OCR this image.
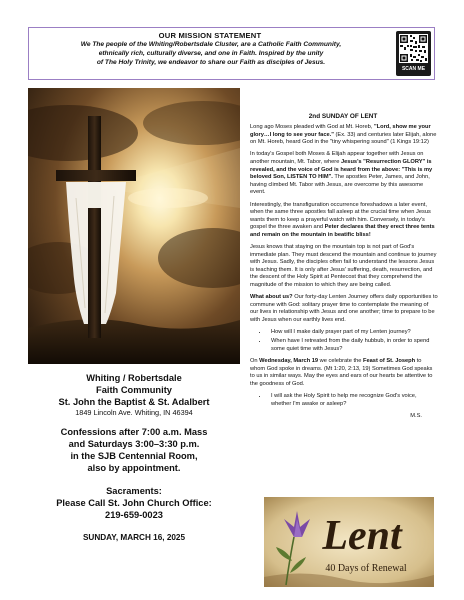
OUR MISSION STATEMENT
We The people of the Whiting/Robertsdale Cluster, are a Catholic Faith Community,
ethnically rich, culturally diverse, and one in Faith. Inspired by the unity
of The Holy Trinity, we endeavor to share our Faith as disciples of Jesus.
SCAN ME
Whiting / Robertsdale
Faith Community
St. John the Baptist & St. Adalbert
1849 Lincoln Ave. Whiting, IN 46394
Confessions after 7:00 a.m. Mass
and Saturdays 3:00–3:30 p.m.
in the SJB Centennial Room,
also by appointment.
Sacraments:
Please Call St. John Church Office:
219-659-0023
SUNDAY, MARCH 16, 2025
2nd SUNDAY OF LENT

Long ago Moses pleaded with God at Mt. Horeb, "Lord, show me your glory…I long to see your face." (Ex. 33) and centuries later Elijah, alone on Mt. Horeb, heard God in the "tiny whispering sound" (1 Kings 19:12)

In today's Gospel both Moses & Elijah appear together with Jesus on another mountain, Mt. Tabor, where Jesus's "Resurrection GLORY" is revealed, and the voice of God is heard from the above: "This is my beloved Son, LISTEN TO HIM". The apostles Peter, James, and John, having climbed Mt. Tabor with Jesus, are overcome by this awesome event.

Interestingly, the transfiguration occurrence foreshadows a later event, when the same three apostles fall asleep at the crucial time when Jesus wants them to keep a prayerful watch with him. Conversely, in today's gospel the three awaken and Peter declares that they erect three tents and remain on the mountain in beatific bliss!

Jesus knows that staying on the mountain top is not part of God's immediate plan. They must descend the mountain and continue to journey with Jesus. Sadly, the disciples often fail to understand the lessons Jesus is teaching them. It is only after Jesus' suffering, death, resurrection, and the descent of the Holy Spirit at Pentecost that they comprehend the magnitude of the mission to which they are being called.

What about us? Our forty-day Lenten Journey offers daily opportunities to commune with God: solitary prayer time to contemplate the meaning of our lives in relationship with Jesus and one another; time to prepare to be with Jesus when our earthly lives end.

• How will I make daily prayer part of my Lenten journey?
• When have I retreated from the daily hubbub, in order to spend some quiet time with Jesus?

On Wednesday, March 19 we celebrate the Feast of St. Joseph to whom God spoke in dreams. (Mt 1:20, 2:13, 19) Sometimes God speaks to us in similar ways. May the eyes and ears of our hearts be attentive to the goodness of God.

• I will ask the Holy Spirit to help me recognize God's voice, whether I'm awake or asleep?
M.S.
Lent
40 Days of Renewal
